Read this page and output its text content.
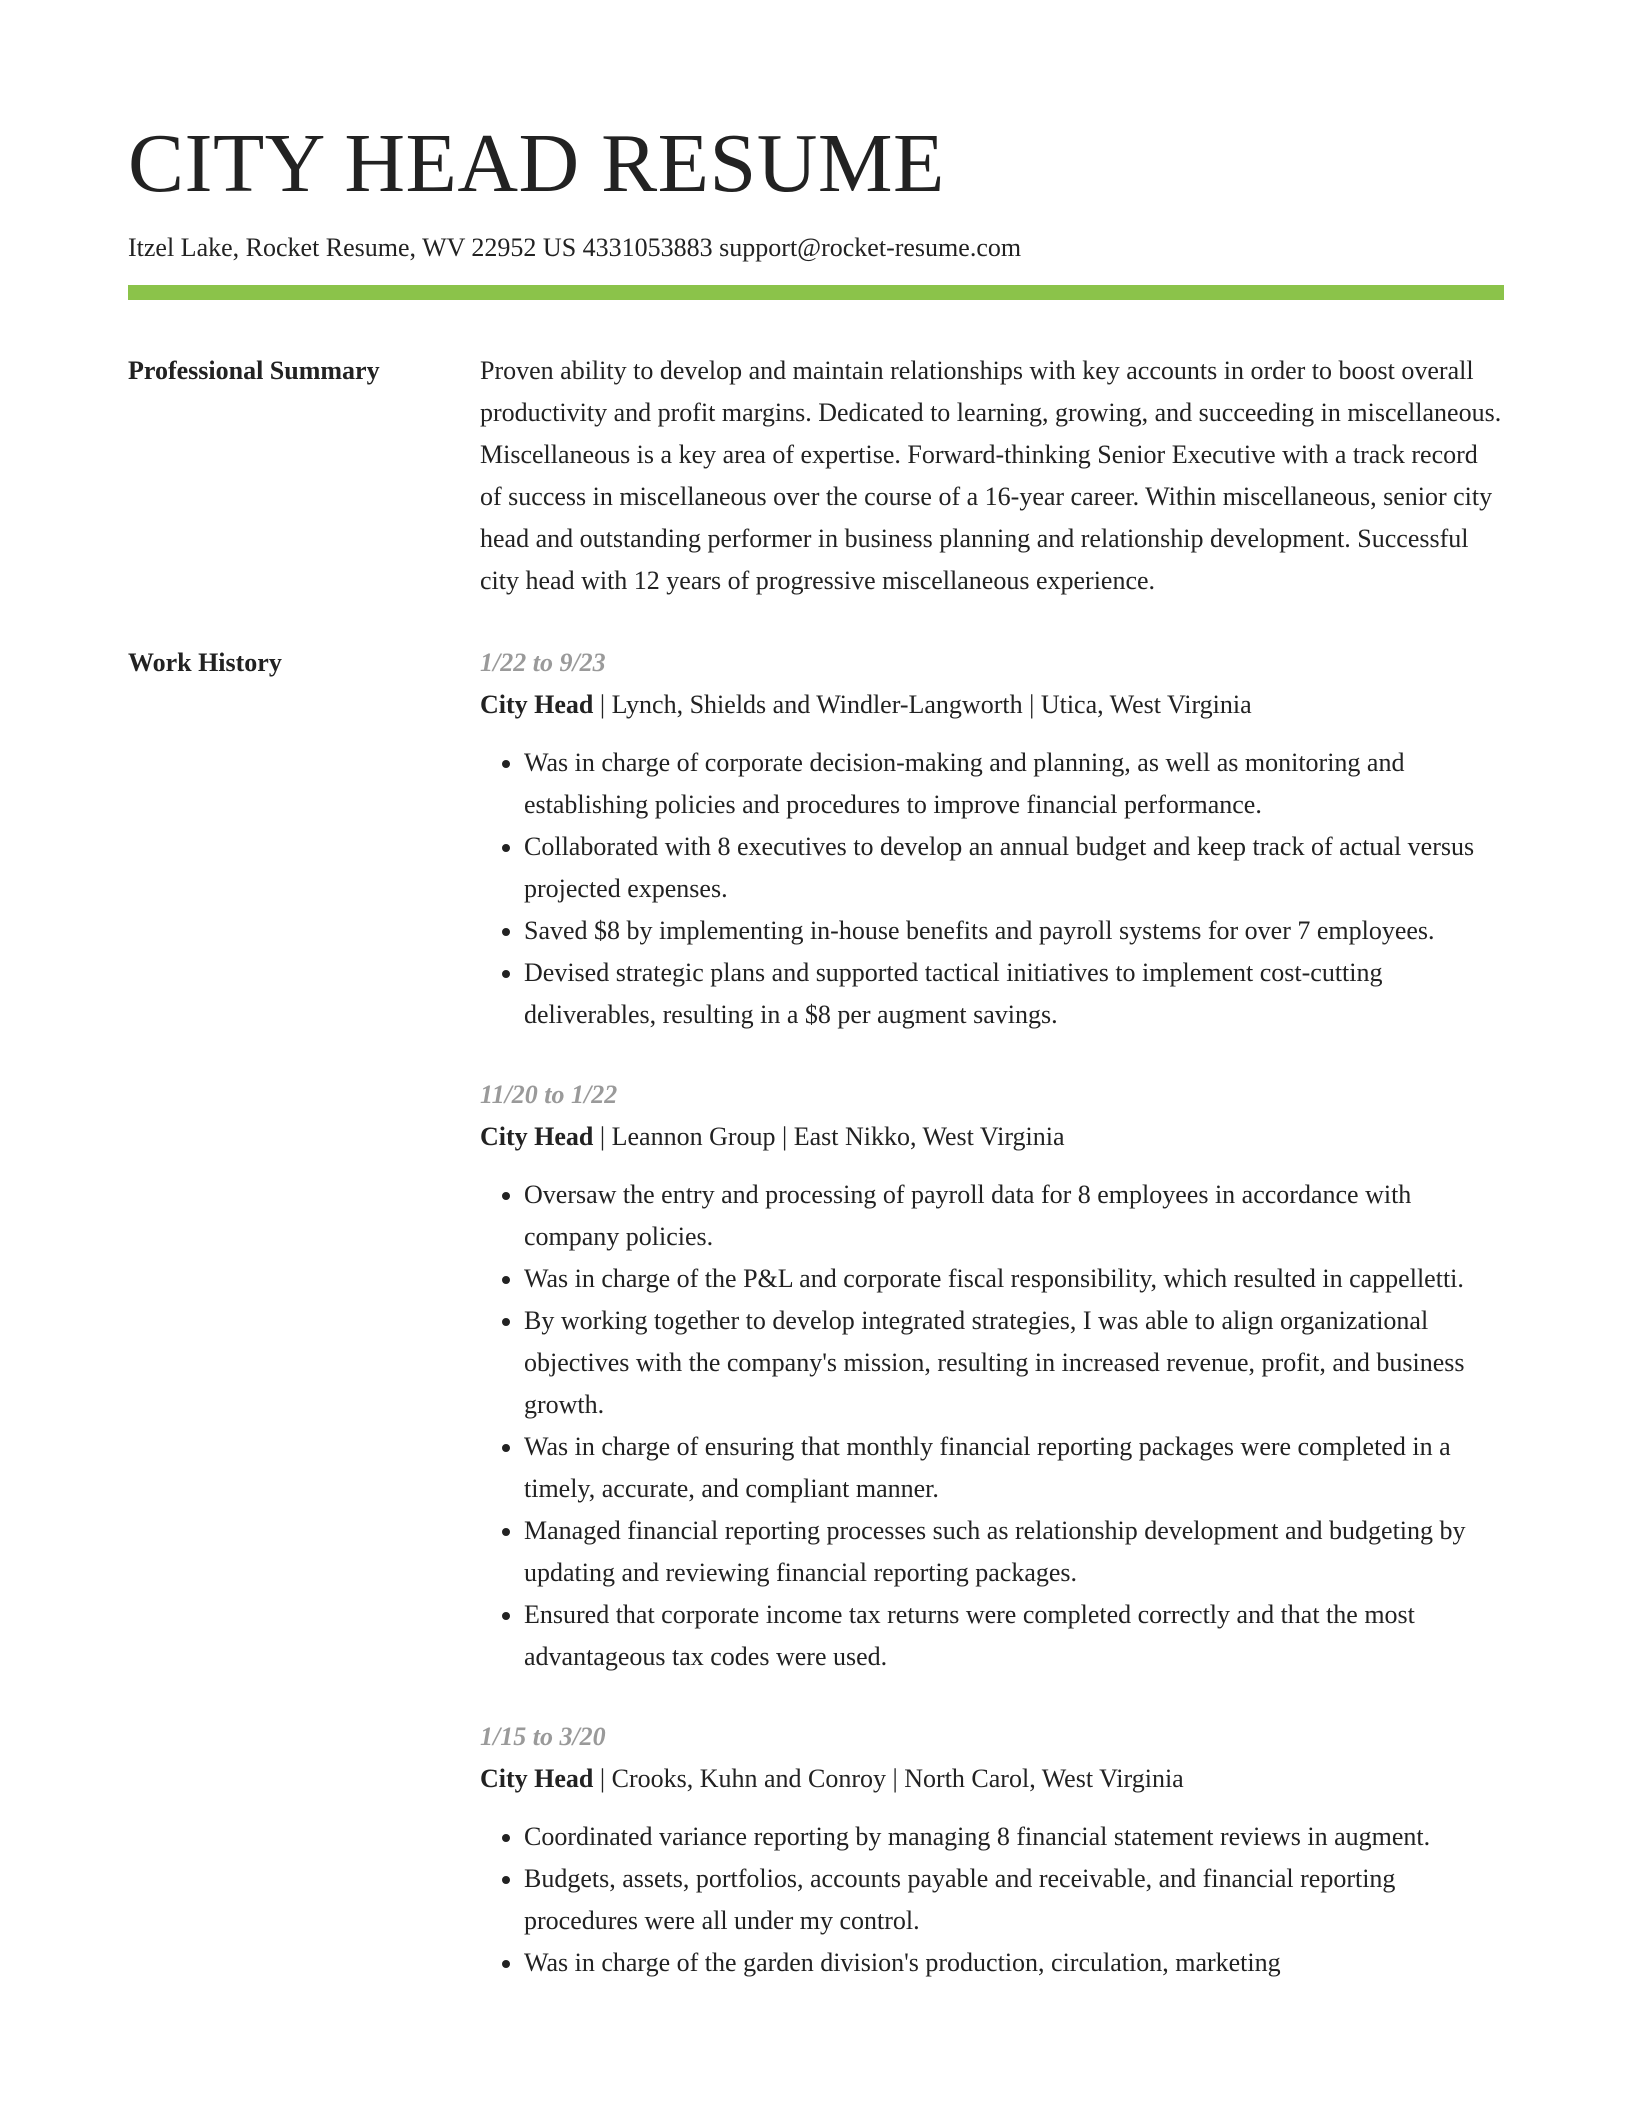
CITY HEAD RESUME

Itzel Lake, Rocket Resume, WV 22952 US 4331053883 support@rocket-resume.com

Professional Summary	Proven ability to develop and maintain relationships with key accounts in order to boost overall productivity and profit margins. Dedicated to learning, growing, and succeeding in miscellaneous. Miscellaneous is a key area of expertise. Forward-thinking Senior Executive with a track record of success in miscellaneous over the course of a 16-year career. Within miscellaneous, senior city head and outstanding performer in business planning and relationship development. Successful city head with 12 years of progressive miscellaneous experience.

Work History	1/22 to 9/23

City Head | Lynch, Shields and Windler-Langworth | Utica, West Virginia

• Was in charge of corporate decision-making and planning, as well as monitoring and establishing policies and procedures to improve financial performance.
• Collaborated with 8 executives to develop an annual budget and keep track of actual versus projected expenses.
• Saved $8 by implementing in-house benefits and payroll systems for over 7 employees.
• Devised strategic plans and supported tactical initiatives to implement cost-cutting deliverables, resulting in a $8 per augment savings.
11/20 to 1/22

City Head | Leannon Group | East Nikko, West Virginia

• Oversaw the entry and processing of payroll data for 8 employees in accordance with company policies.
• Was in charge of the P&L and corporate fiscal responsibility, which resulted in cappelletti.
• By working together to develop integrated strategies, I was able to align organizational objectives with the company's mission, resulting in increased revenue, profit, and business growth.
• Was in charge of ensuring that monthly financial reporting packages were completed in a timely, accurate, and compliant manner.
• Managed financial reporting processes such as relationship development and budgeting by updating and reviewing financial reporting packages.
• Ensured that corporate income tax returns were completed correctly and that the most advantageous tax codes were used.
1/15 to 3/20

City Head | Crooks, Kuhn and Conroy | North Carol, West Virginia

• Coordinated variance reporting by managing 8 financial statement reviews in augment.
• Budgets, assets, portfolios, accounts payable and receivable, and financial reporting procedures were all under my control.
• Was in charge of the garden division's production, circulation, marketing
